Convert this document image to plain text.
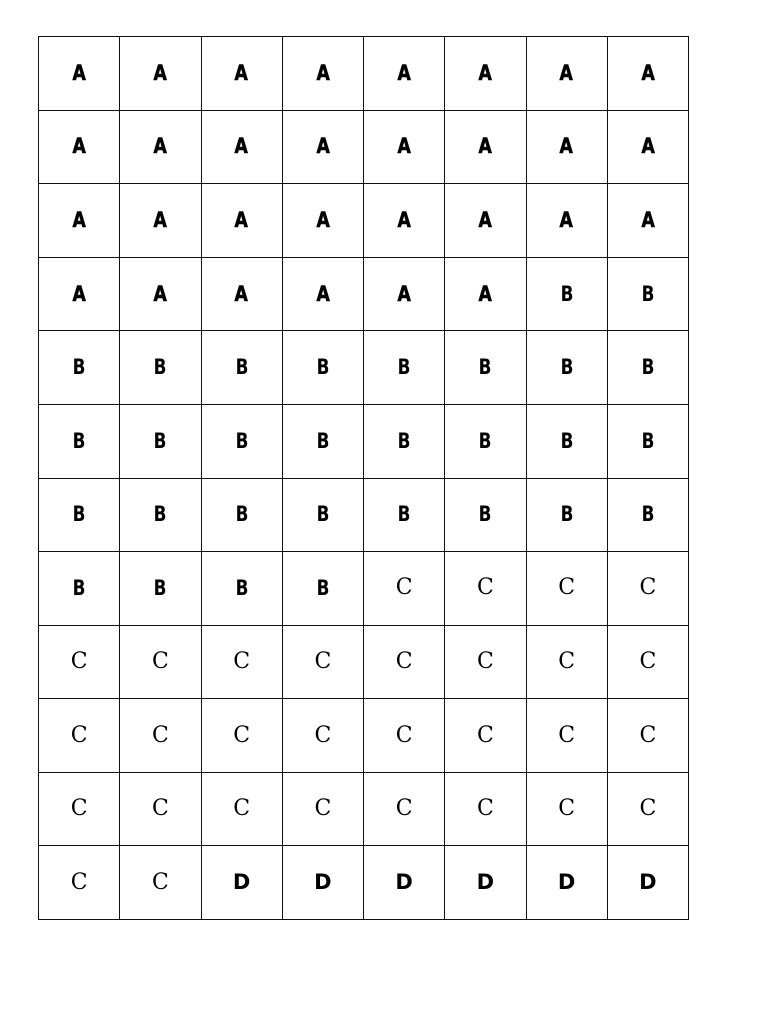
A	A	A	A	A	A	A	A
A	A	A	A	A	A	A	A
A	A	A	A	A	A	A	A
A	A	A	A	A	A	B	B
B	B	B	B	B	B	B	B
B	B	B	B	B	B	B	B
B	B	B	B	B	B	B	B
B	B	B	B	C	C	C	C
C	C	C	C	C	C	C	C
C	C	C	C	C	C	C	C
C	C	C	C	C	C	C	C
C	C	D	D	D	D	D	D
